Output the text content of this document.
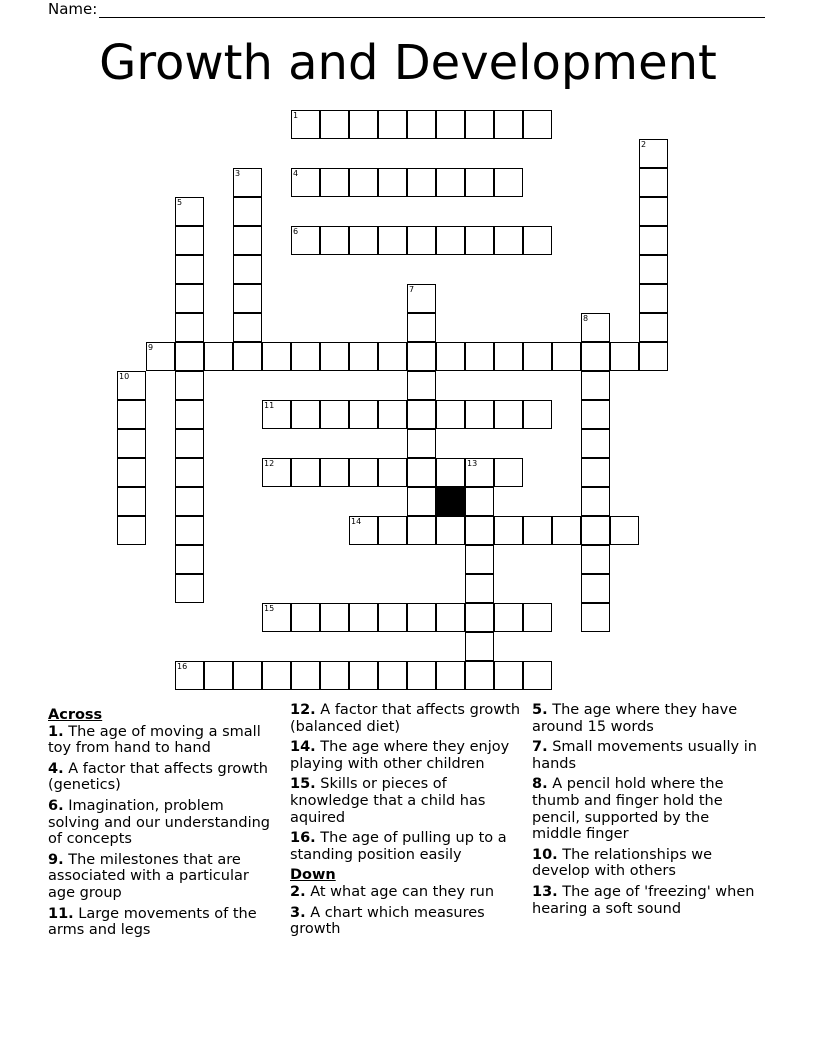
Name:
Growth and Development
1
2
3	4
5
6
7
8
9
10
11
12	13
14
15
16
Across
1. The age of moving a small toy from hand to hand
4. A factor that affects growth (genetics)
6. Imagination, problem solving and our understanding of concepts
9. The milestones that are associated with a particular age group
11. Large movements of the arms and legs
12. A factor that affects growth (balanced diet)
14. The age where they enjoy playing with other children
15. Skills or pieces of knowledge that a child has aquired
16. The age of pulling up to a standing position easily
Down
2. At what age can they run
3. A chart which measures growth
5. The age where they have around 15 words
7. Small movements usually in hands
8. A pencil hold where the thumb and finger hold the pencil, supported by the middle finger
10. The relationships we develop with others
13. The age of 'freezing' when hearing a soft sound
